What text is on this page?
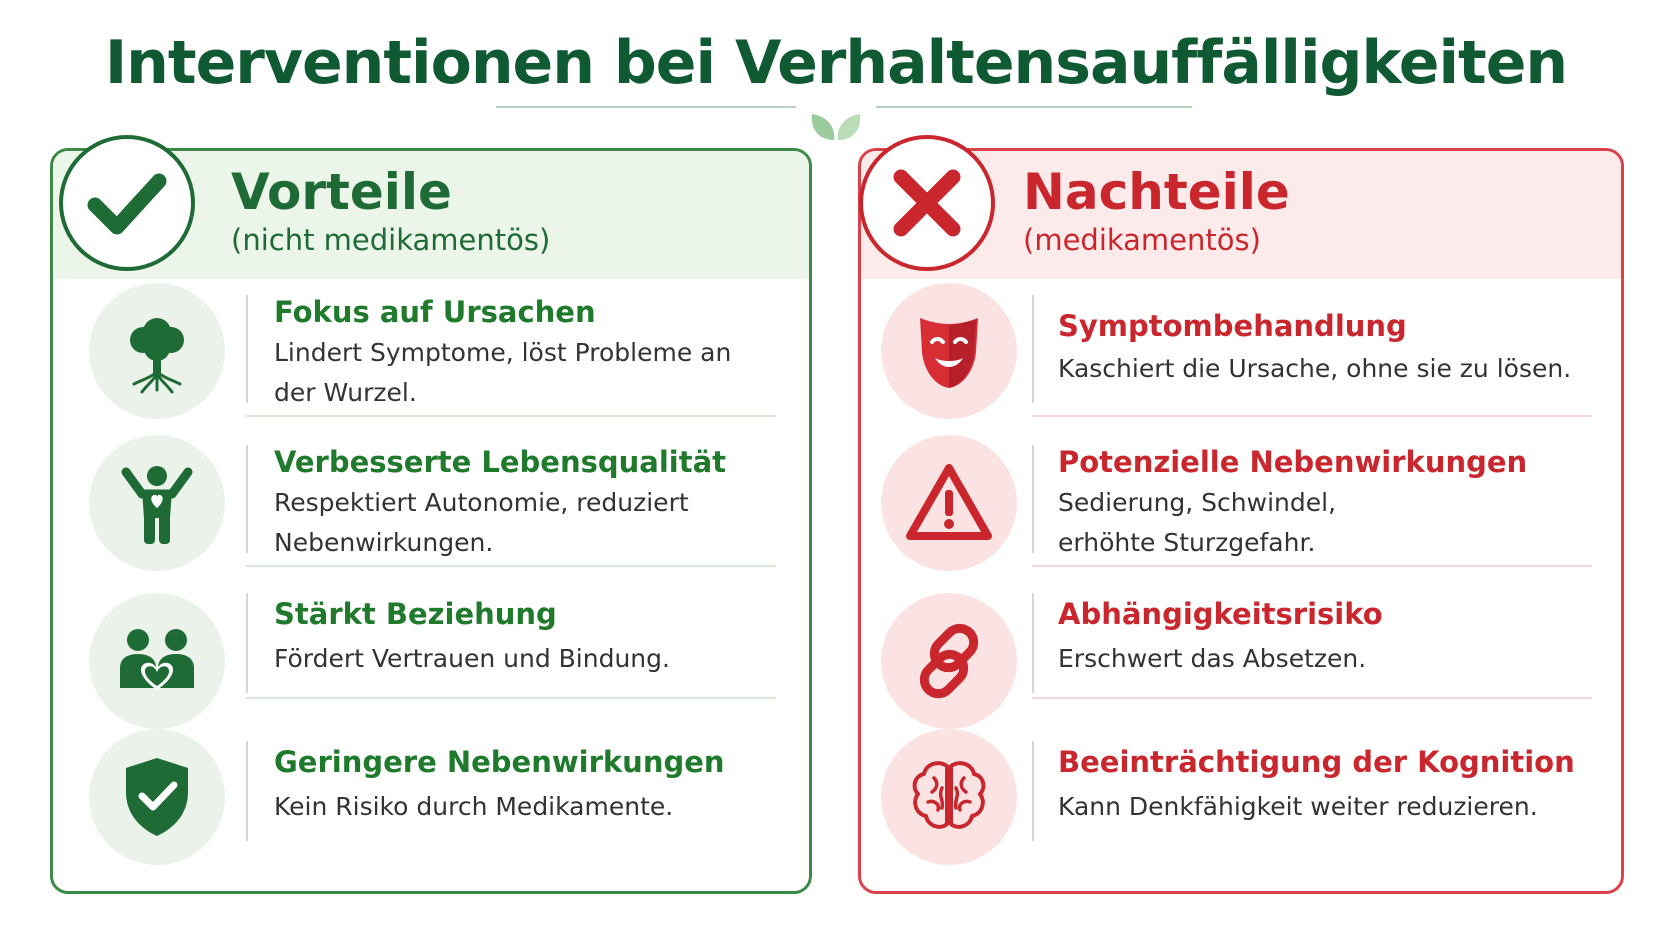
Interventionen bei Verhaltensauffälligkeiten
Vorteile
(nicht medikamentös)
Fokus auf Ursachen
Lindert Symptome, löst Probleme an der Wurzel.
Verbesserte Lebensqualität
Respektiert Autonomie, reduziert Nebenwirkungen.
Stärkt Beziehung
Fördert Vertrauen und Bindung.
Geringere Nebenwirkungen
Kein Risiko durch Medikamente.
Nachteile
(medikamentös)
Symptombehandlung
Kaschiert die Ursache, ohne sie zu lösen.
Potenzielle Nebenwirkungen
Sedierung, Schwindel, erhöhte Sturzgefahr.
Abhängigkeitsrisiko
Erschwert das Absetzen.
Beeinträchtigung der Kognition
Kann Denkfähigkeit weiter reduzieren.
